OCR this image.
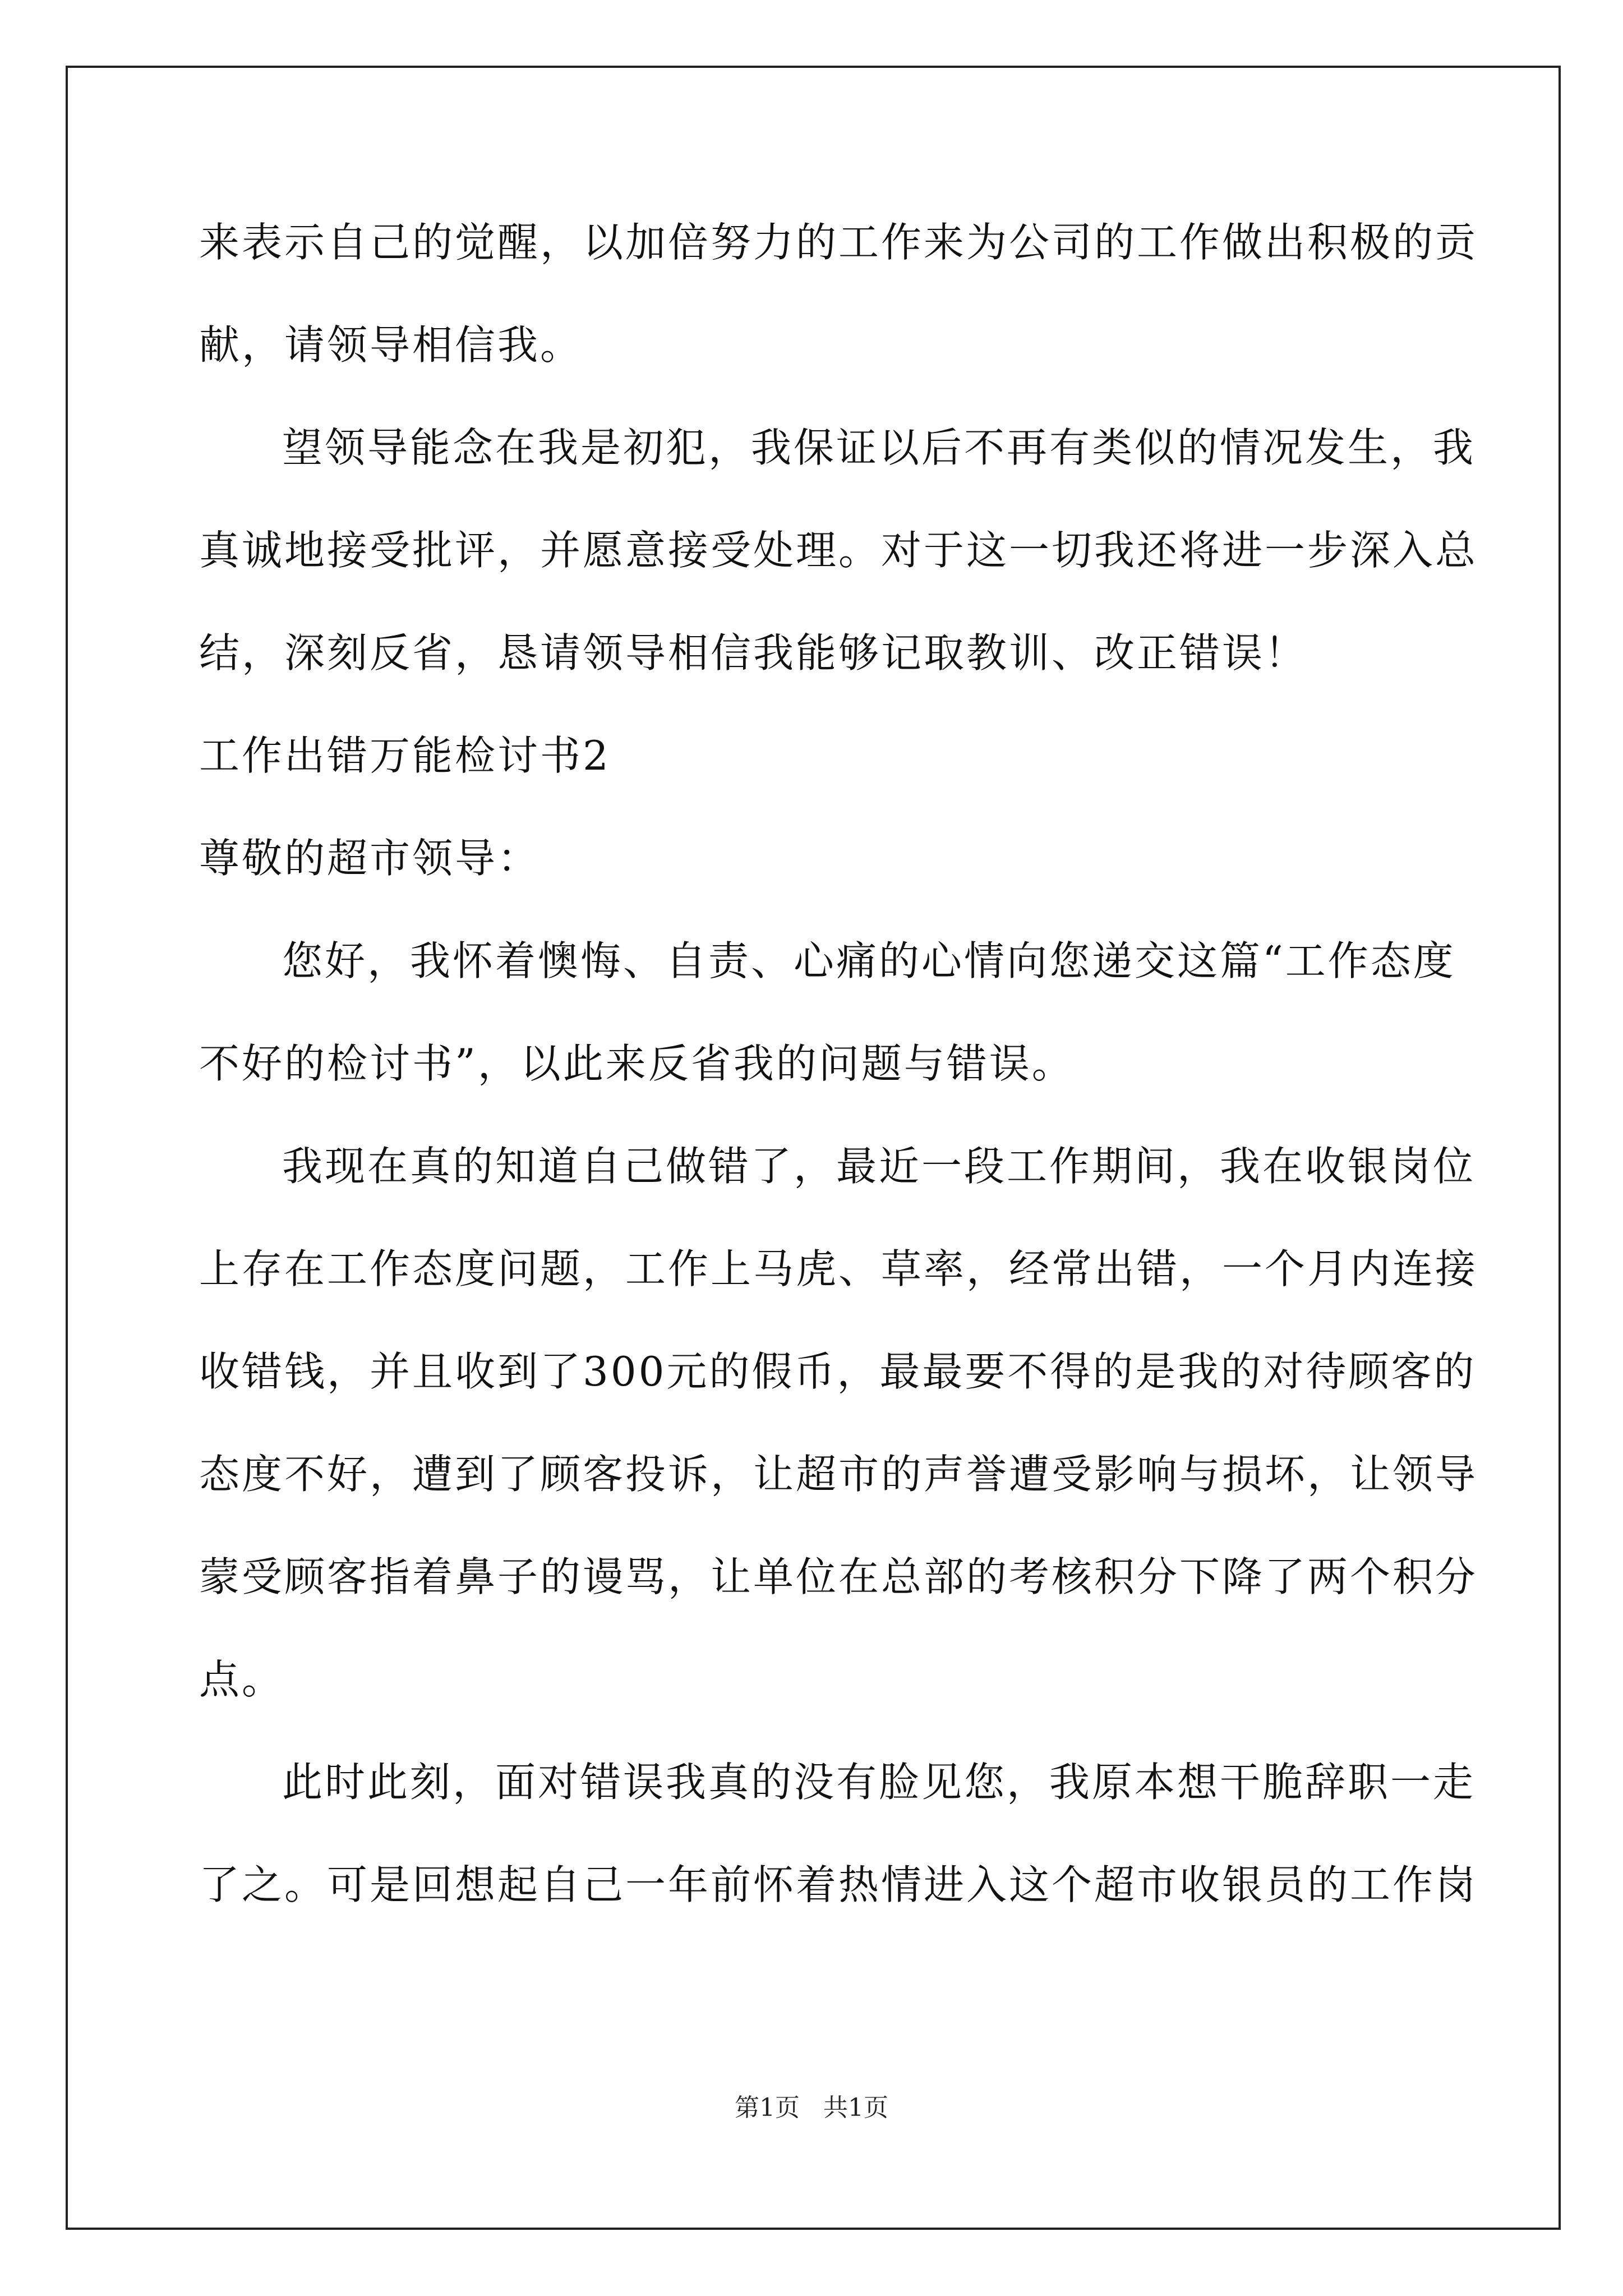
来表示自己的觉醒，以加倍努力的工作来为公司的工作做出积极的贡
献，请领导相信我。
望领导能念在我是初犯，我保证以后不再有类似的情况发生，我
真诚地接受批评，并愿意接受处理。对于这一切我还将进一步深入总
结，深刻反省，恳请领导相信我能够记取教训、改正错误！
工作出错万能检讨书2
尊敬的超市领导：
您好，我怀着懊悔、自责、心痛的心情向您递交这篇“工作态度
不好的检讨书”，以此来反省我的问题与错误。
我现在真的知道自己做错了，最近一段工作期间，我在收银岗位
上存在工作态度问题，工作上马虎、草率，经常出错，一个月内连接
收错钱，并且收到了300元的假币，最最要不得的是我的对待顾客的
态度不好，遭到了顾客投诉，让超市的声誉遭受影响与损坏，让领导
蒙受顾客指着鼻子的谩骂，让单位在总部的考核积分下降了两个积分
点。
此时此刻，面对错误我真的没有脸见您，我原本想干脆辞职一走
了之。可是回想起自己一年前怀着热情进入这个超市收银员的工作岗
第1页 共1页
